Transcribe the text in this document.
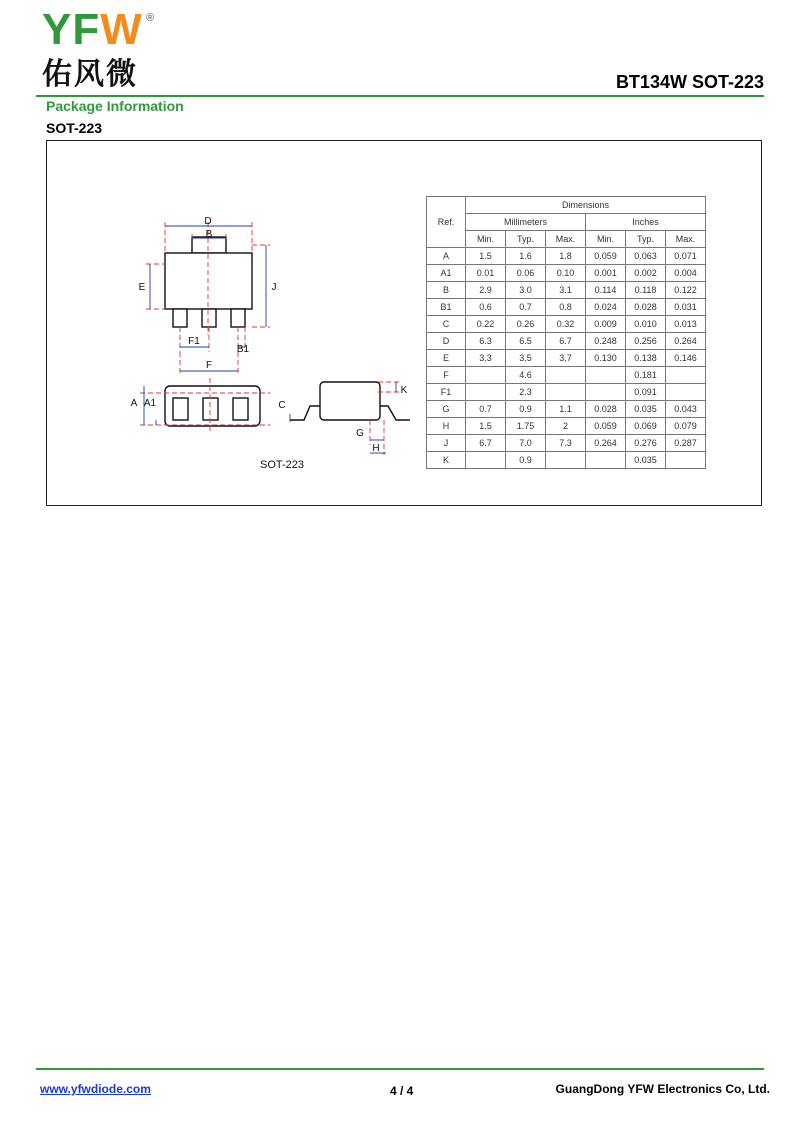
YFW ®
佑风微	BT134W SOT-223
Package Information
SOT-223
D
B
E	J
F1
B1
F
A A1	C
K
G
H
SOT-223
Ref.	Dimensions					
	Millimeters			Inches		
	Min.	Typ.	Max.	Min.	Typ.	Max.
A	1.5	1.6	1.8	0.059	0.063	0.071
A1	0.01	0.06	0.10	0.001	0.002	0.004
B	2.9	3.0	3.1	0.114	0.118	0.122
B1	0.6	0.7	0.8	0.024	0.028	0.031
C	0.22	0.26	0.32	0.009	0.010	0.013
D	6.3	6.5	6.7	0.248	0.256	0.264
E	3.3	3.5	3.7	0.130	0.138	0.146
F		4.6			0.181	
F1		2.3			0.091	
G	0.7	0.9	1.1	0.028	0.035	0.043
H	1.5	1.75	2	0.059	0.069	0.079
J	6.7	7.0	7.3	0.264	0.276	0.287
K		0.9			0.035	
www.yfwdiode.com	4 / 4	GuangDong YFW Electronics Co, Ltd.
